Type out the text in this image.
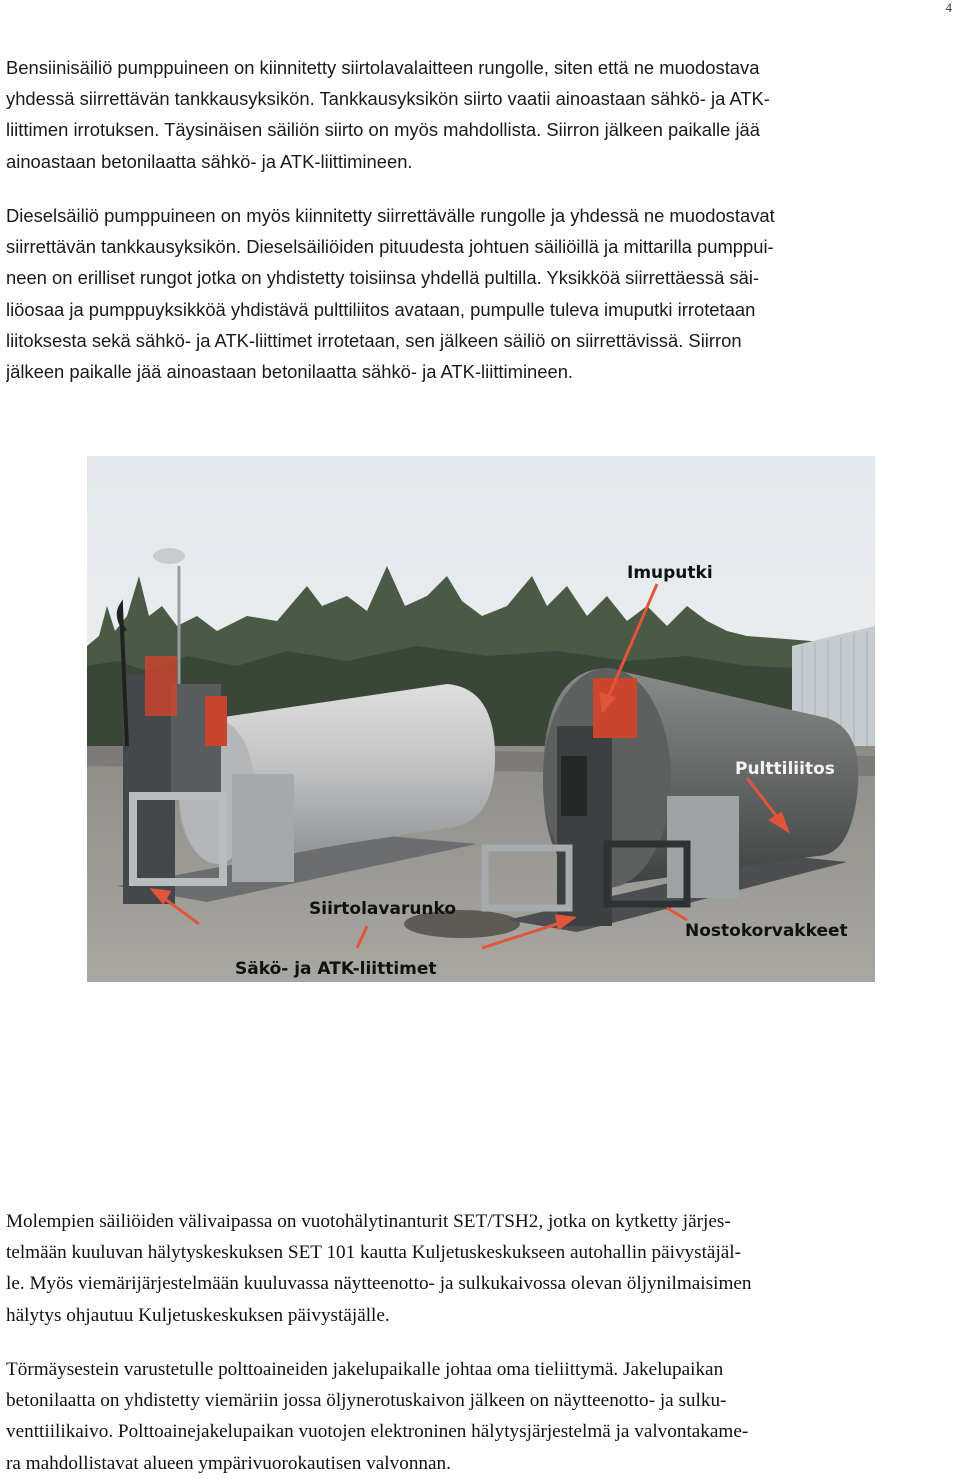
4

Bensiinisäiliö pumppuineen on kiinnitetty siirtolavalaitteen rungolle, siten että ne muodostava
yhdessä siirrettävän tankkausyksikön. Tankkausyksikön siirto vaatii ainoastaan sähkö- ja ATK-
liittimen irrotuksen. Täysinäisen säiliön siirto on myös mahdollista. Siirron jälkeen paikalle jää
ainoastaan betonilaatta sähkö- ja ATK-liittimineen.

Dieselsäiliö pumppuineen on myös kiinnitetty siirrettävälle rungolle ja yhdessä ne muodostavat
siirrettävän tankkausyksikön. Dieselsäiliöiden pituudesta johtuen säiliöillä ja mittarilla pumppui-
neen on erilliset rungot jotka on yhdistetty toisiinsa yhdellä pultilla. Yksikköä siirrettäessä säi-
liöosaa ja pumppuyksikköä yhdistävä pulttiliitos avataan, pumpulle tuleva imuputki irrotetaan
liitoksesta sekä sähkö- ja ATK-liittimet irrotetaan, sen jälkeen säiliö on siirrettävissä. Siirron
jälkeen paikalle jää ainoastaan betonilaatta sähkö- ja ATK-liittimineen.

Imuputki
Pulttiliitos
Siirtolavarunko
Nostokorvakkeet
Säkö- ja ATK-liittimet

Molempien säiliöiden välivaipassa on vuotohälytinanturit SET/TSH2, jotka on kytketty järjes-
telmään kuuluvan hälytyskeskuksen SET 101 kautta Kuljetuskeskukseen autohallin päivystäjäl-
le. Myös viemärijärjestelmään kuuluvassa näytteenotto- ja sulkukaivossa olevan öljynilmaisimen
hälytys ohjautuu Kuljetuskeskuksen päivystäjälle.

Törmäysestein varustetulle polttoaineiden jakelupaikalle johtaa oma tieliittymä. Jakelupaikan
betonilaatta on yhdistetty viemäriin jossa öljynerotuskaivon jälkeen on näytteenotto- ja sulku-
venttiilikaivo. Polttoainejakelupaikan vuotojen elektroninen hälytysjärjestelmä ja valvontakame-
ra mahdollistavat alueen ympärivuorokautisen valvonnan.
